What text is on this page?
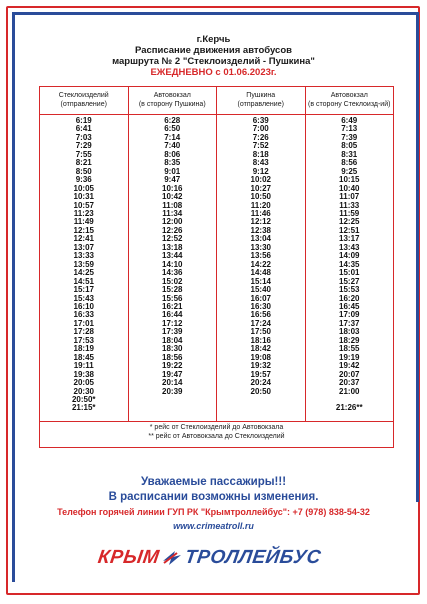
г.Керчь
Расписание движения автобусов
маршрута № 2 "Стеклоизделий - Пушкина"
ЕЖЕДНЕВНО с 01.06.2023г.
Стеклоизделий
(отправление)
6:19
6:41
7:03
7:29
7:55
8:21
8:50
9:36
10:05
10:31
10:57
11:23
11:49
12:15
12:41
13:07
13:33
13:59
14:25
14:51
15:17
15:43
16:10
16:33
17:01
17:28
17:53
18:19
18:45
19:11
19:38
20:05
20:30
20:50*
21:15*
Автовокзал
(в сторону Пушкина)
6:28
6:50
7:14
7:40
8:06
8:35
9:01
9:47
10:16
10:42
11:08
11:34
12:00
12:26
12:52
13:18
13:44
14:10
14:36
15:02
15:28
15:56
16:21
16:44
17:12
17:39
18:04
18:30
18:56
19:22
19:47
20:14
20:39
Пушкина
(отправление)
6:39
7:00
7:26
7:52
8:18
8:43
9:12
10:02
10:27
10:50
11:20
11:46
12:12
12:38
13:04
13:30
13:56
14:22
14:48
15:14
15:40
16:07
16:30
16:56
17:24
17:50
18:16
18:42
19:08
19:32
19:57
20:24
20:50
Автовокзал
(в сторону Стеклоизд-ий)
6:49
7:13
7:39
8:05
8:31
8:56
9:25
10:15
10:40
11:07
11:33
11:59
12:25
12:51
13:17
13:43
14:09
14:35
15:01
15:27
15:53
16:20
16:45
17:09
17:37
18:03
18:29
18:55
19:19
19:42
20:07
20:37
21:00

21:26**
* рейс от Стеклоизделий до Автовокзала
** рейс от Автовокзала до Стеклоизделий
Уважаемые пассажиры!!!
В расписании возможны изменения.
Телефон горячей линии ГУП РК "Крымтроллейбус": +7 (978) 838-54-32
www.crimeatroll.ru
КРЫМ ТРОЛЛЕЙБУС
